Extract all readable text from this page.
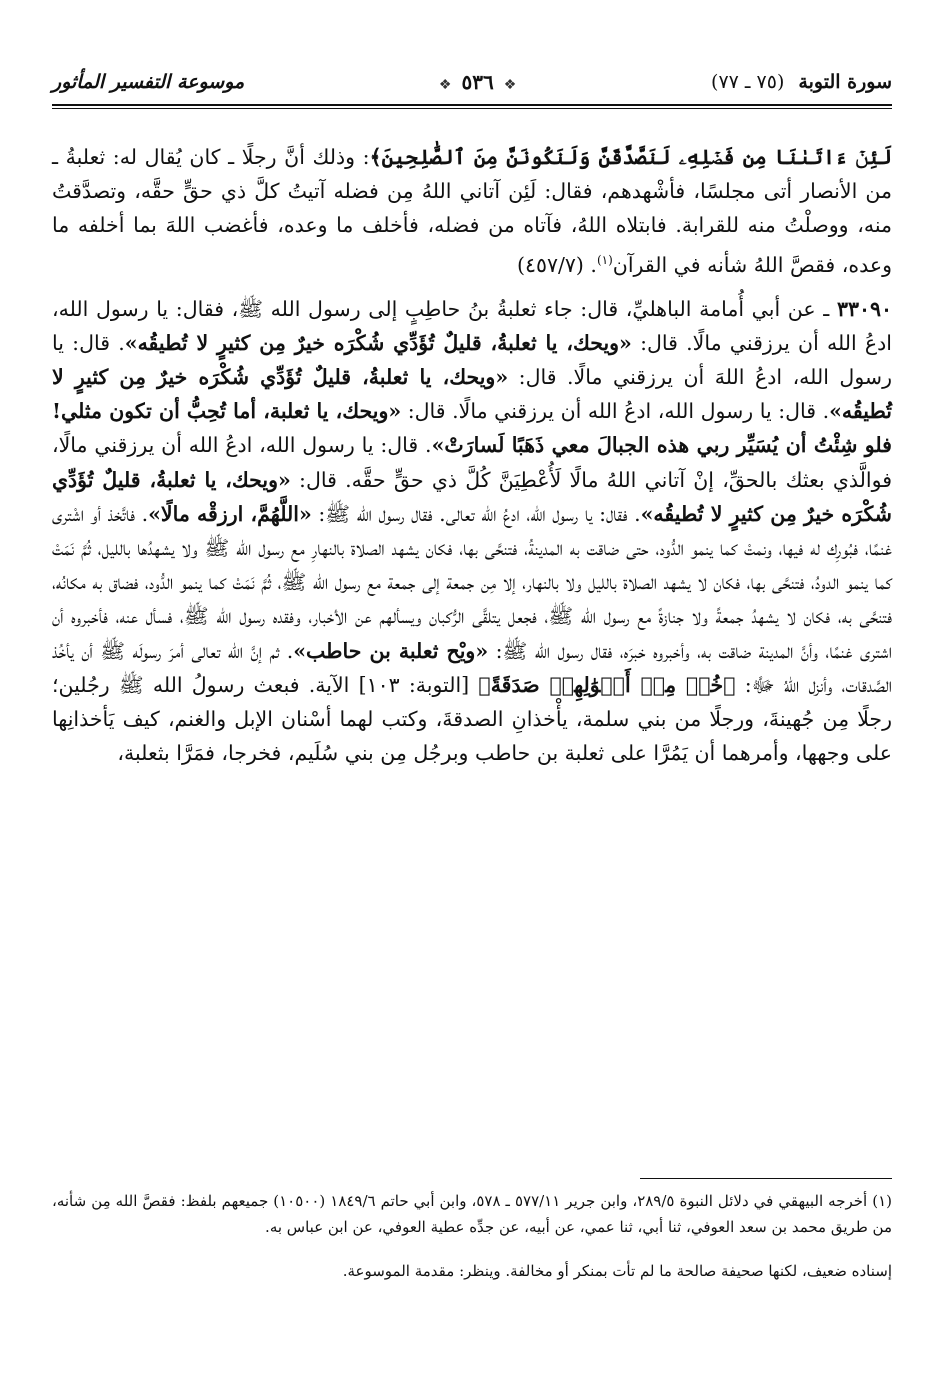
سورة التوبة (٧٥ ـ ٧٧)
❖ ٥٣٦ ❖
موسوعة التفسير المأثور

لَئِنۡ ءَاتَىٰنَا مِن فَضۡلِهِۦ لَنَصَّدَّقَنَّ وَلَنَكُونَنَّ مِنَ ٱلصَّٰلِحِينَ﴾: وذلك أنَّ رجلًا ـ كان يُقال له: ثعلبةُ ـ من الأنصار أتى مجلسًا، فأشْهدهم، فقال: لَئِن آتاني اللهُ مِن فضله آتيتُ كلَّ ذي حقٍّ حقَّه، وتصدَّقتُ منه، ووصلْتُ منه للقرابة. فابتلاه اللهُ، فآتاه من فضله، فأخلف ما وعده، فأغضب اللهَ بما أخلفه ما وعده، فقصَّ اللهُ شأنه في القرآن$^{(١)}$. (٤٥٧/٧)

٣٣٠٩٠ ـ عن أبي أُمامة الباهليِّ، قال: جاء ثعلبةُ بنُ حاطِبٍ إلى رسول الله ﷺ، فقال: يا رسول الله، ادعُ الله أن يرزقني مالًا. قال: «ويحك، يا ثعلبةُ، قليلٌ تُؤَدِّي شُكْرَه خيرٌ مِن كثيرٍ لا تُطيقُه». قال: يا رسول الله، ادعُ اللهَ أن يرزقني مالًا. قال: «ويحك، يا ثعلبةُ، قليلٌ تُؤَدِّي شُكْرَه خيرٌ مِن كثيرٍ لا تُطيقُه». قال: يا رسول الله، ادعُ الله أن يرزقني مالًا. قال: «ويحك، يا ثعلبة، أما تُحِبُّ أن تكون مثلي! فلو شِئْتُ أن يُسَيِّر ربي هذه الجبالَ معي ذَهَبًا لَسارَتْ». قال: يا رسول الله، ادعُ الله أن يرزقني مالًا، فوالَّذي بعثك بالحقِّ، إنْ آتاني اللهُ مالًا لَأُعْطِيَنَّ كُلَّ ذي حقٍّ حقَّه. قال: «ويحك، يا ثعلبةُ، قليلٌ تُؤَدِّي شُكْرَه خيرٌ مِن كثيرٍ لا تُطيقُه». فقال: يا رسول الله، ادعُ الله تعالى. فقال رسول الله ﷺ: «اللَّهُمَّ، ارزقْه مالًا». فاتَّخذ أو اشْترى غنمًا، فبُورِك له فيها، ونمتْ كما ينمو الدُّود، حتى ضاقت به المدينةُ، فتنحَّى بها، فكان يشهد الصلاة بالنهارِ مع رسول الله ﷺ ولا يشهدُها بالليل، ثُمَّ نَمَتْ كما ينمو الدودُ، فتنحَّى بها، فكان لا يشهد الصلاة بالليل ولا بالنهار، إلا مِن جمعة إلى جمعة مع رسول الله ﷺ، ثُمَّ نَمَتْ كما ينمو الدُّود، فضاق به مكانُه، فتنحَّى به، فكان لا يشهدُ جمعةً ولا جنازةً مع رسول الله ﷺ، فجعل يتلقَّى الرُّكبان ويسألهم عن الأخبار، وفقده رسول الله ﷺ، فسأل عنه، فأخبروه أن اشترى غنمًا، وأنَّ المدينة ضاقت به، وأخبروه خبرَه، فقال رسول الله ﷺ: «ويْح ثعلبة بن حاطب». ثم إنَّ الله تعالى أمرَ رسولَه ﷺ أن يأخُذ الصَّدقات، وأنزل اللهُ ﷻ: ﴿خُذۡ مِنۡ أَمۡوَٰلِهِمۡ صَدَقَةً﴾ [التوبة: ١٠٣] الآية. فبعث رسولُ الله ﷺ رجُلين؛ رجلًا مِن جُهينةَ، ورجلًا من بني سلمة، يأْخذانِ الصدقةَ، وكتب لهما أسْنان الإبل والغنم، كيف يَأخذانِها على وجهها، وأمرهما أن يَمُرَّا على ثعلبة بن حاطب وبرجُل مِن بني سُلَيم، فخرجا، فمَرَّا بثعلبة،

(١) أخرجه البيهقي في دلائل النبوة ٢٨٩/٥، وابن جرير ٥٧٧/١١ ـ ٥٧٨، وابن أبي حاتم ١٨٤٩/٦ (١٠٥٠٠) جميعهم بلفظ: فقصَّ الله مِن شأنه، من طريق محمد بن سعد العوفي، ثنا أبي، ثنا عمي، عن أبيه، عن جدِّه عطية العوفي، عن ابن عباس به.

إسناده ضعيف، لكنها صحيفة صالحة ما لم تأت بمنكر أو مخالفة. وينظر: مقدمة الموسوعة.
